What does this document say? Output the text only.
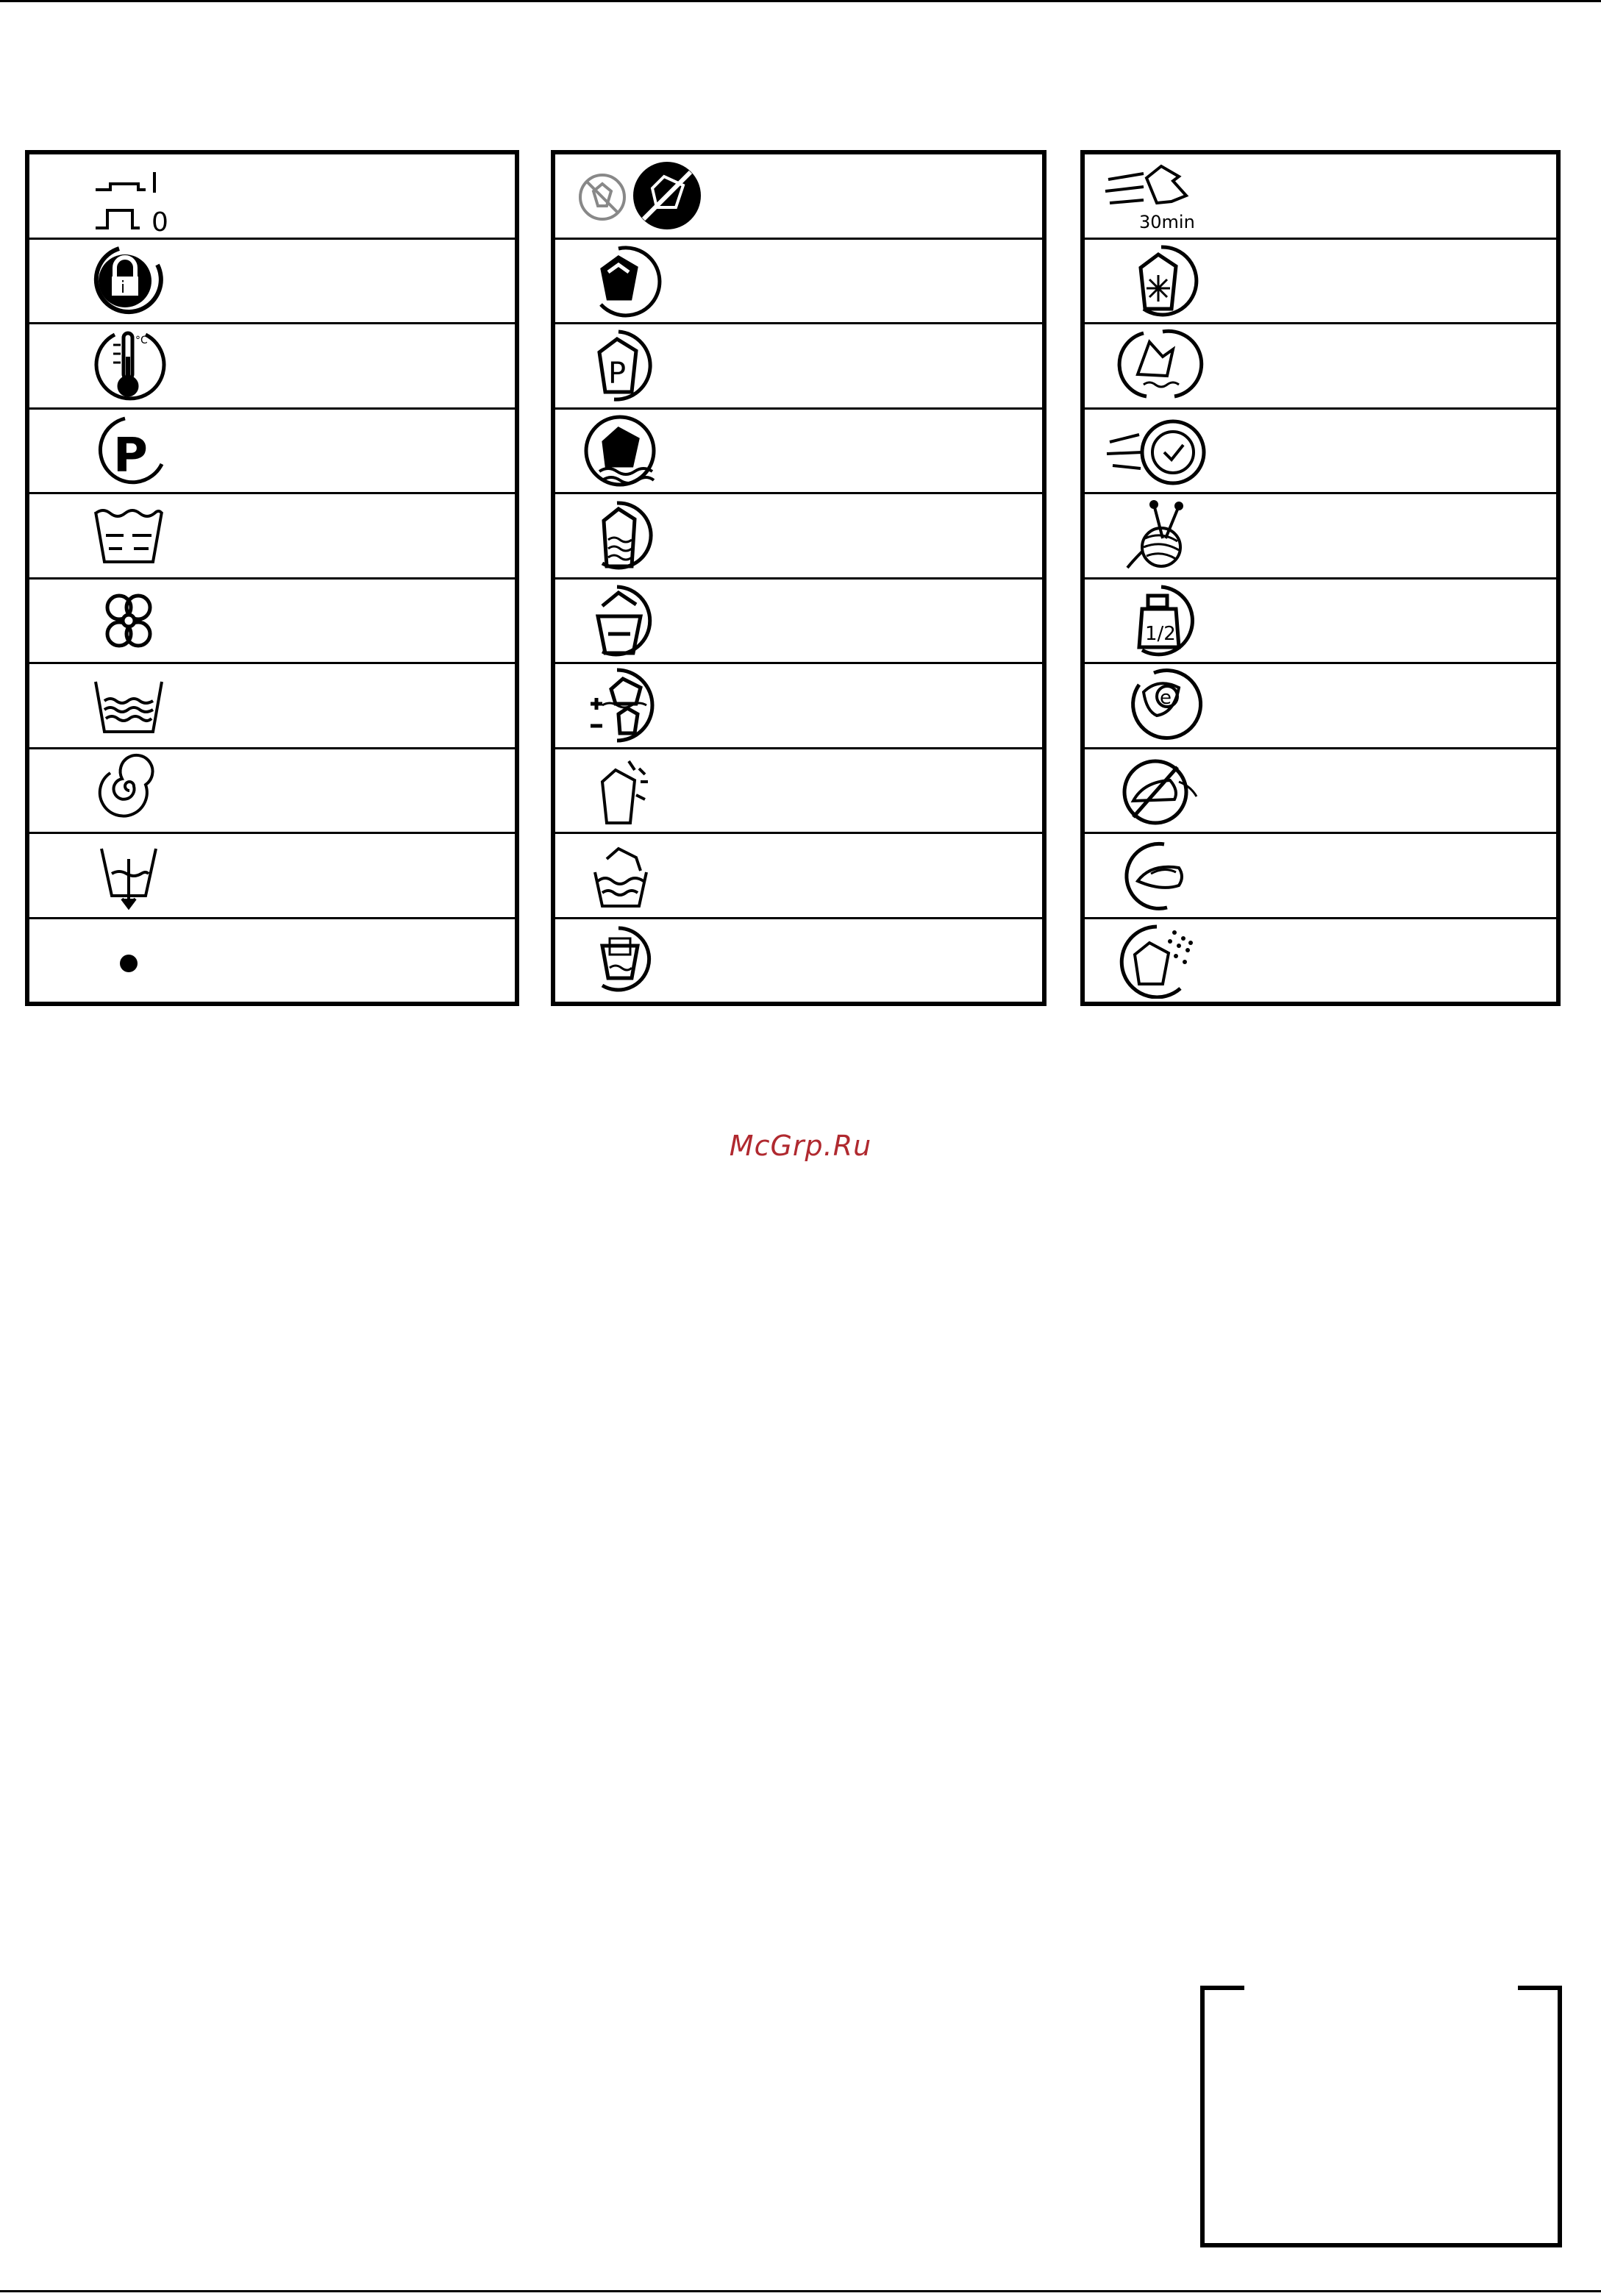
0
i
°C
P
P
30min
1/2
e
McGrp.Ru
